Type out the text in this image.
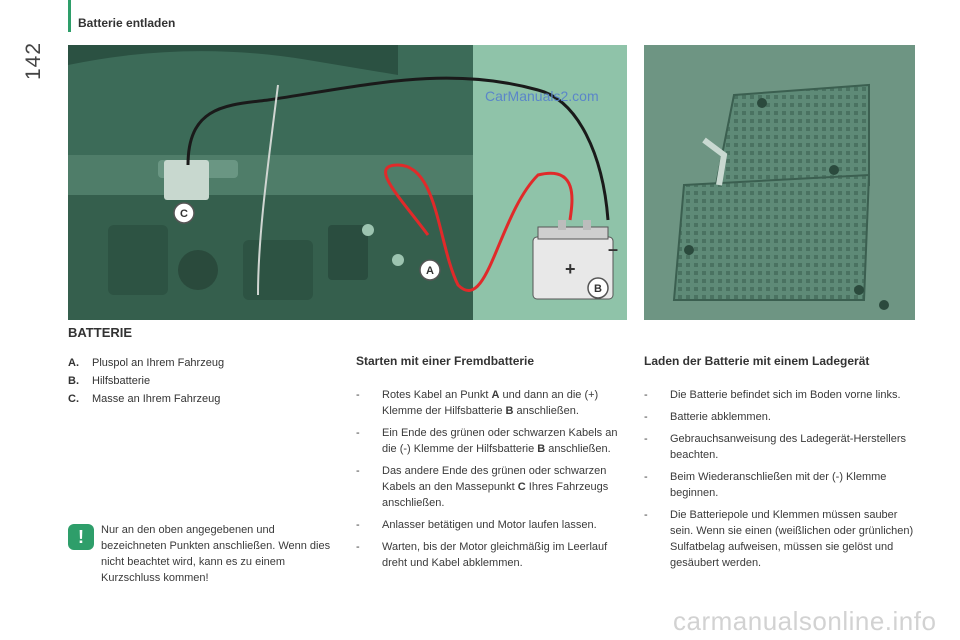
142
Batterie entladen
+
–
C
A
B
CarManuals2.com
BATTERIE
A.	Pluspol an Ihrem Fahrzeug
B.	Hilfsbatterie
C.	Masse an Ihrem Fahrzeug
!	Nur an den oben angegebenen und bezeichneten Punkten anschließen. Wenn dies nicht beachtet wird, kann es zu einem Kurzschluss kommen!
Starten mit einer Fremdbatterie
-	Rotes Kabel an Punkt A und dann an die (+) Klemme der Hilfsbatterie B anschließen.
-	Ein Ende des grünen oder schwarzen Kabels an die (-) Klemme der Hilfsbatterie B anschließen.
-	Das andere Ende des grünen oder schwarzen Kabels an den Massepunkt C Ihres Fahrzeugs anschließen.
-	Anlasser betätigen und Motor laufen lassen.
-	Warten, bis der Motor gleichmäßig im Leerlauf dreht und Kabel abklemmen.
Laden der Batterie mit einem Ladegerät
-	Die Batterie befindet sich im Boden vorne links.
-	Batterie abklemmen.
-	Gebrauchsanweisung des Ladegerät-Herstellers beachten.
-	Beim Wiederanschließen mit der (-) Klemme beginnen.
-	Die Batteriepole und Klemmen müssen sauber sein. Wenn sie einen (weißlichen oder grünlichen) Sulfatbelag aufweisen, müssen sie gelöst und gesäubert werden.
carmanualsonline.info
